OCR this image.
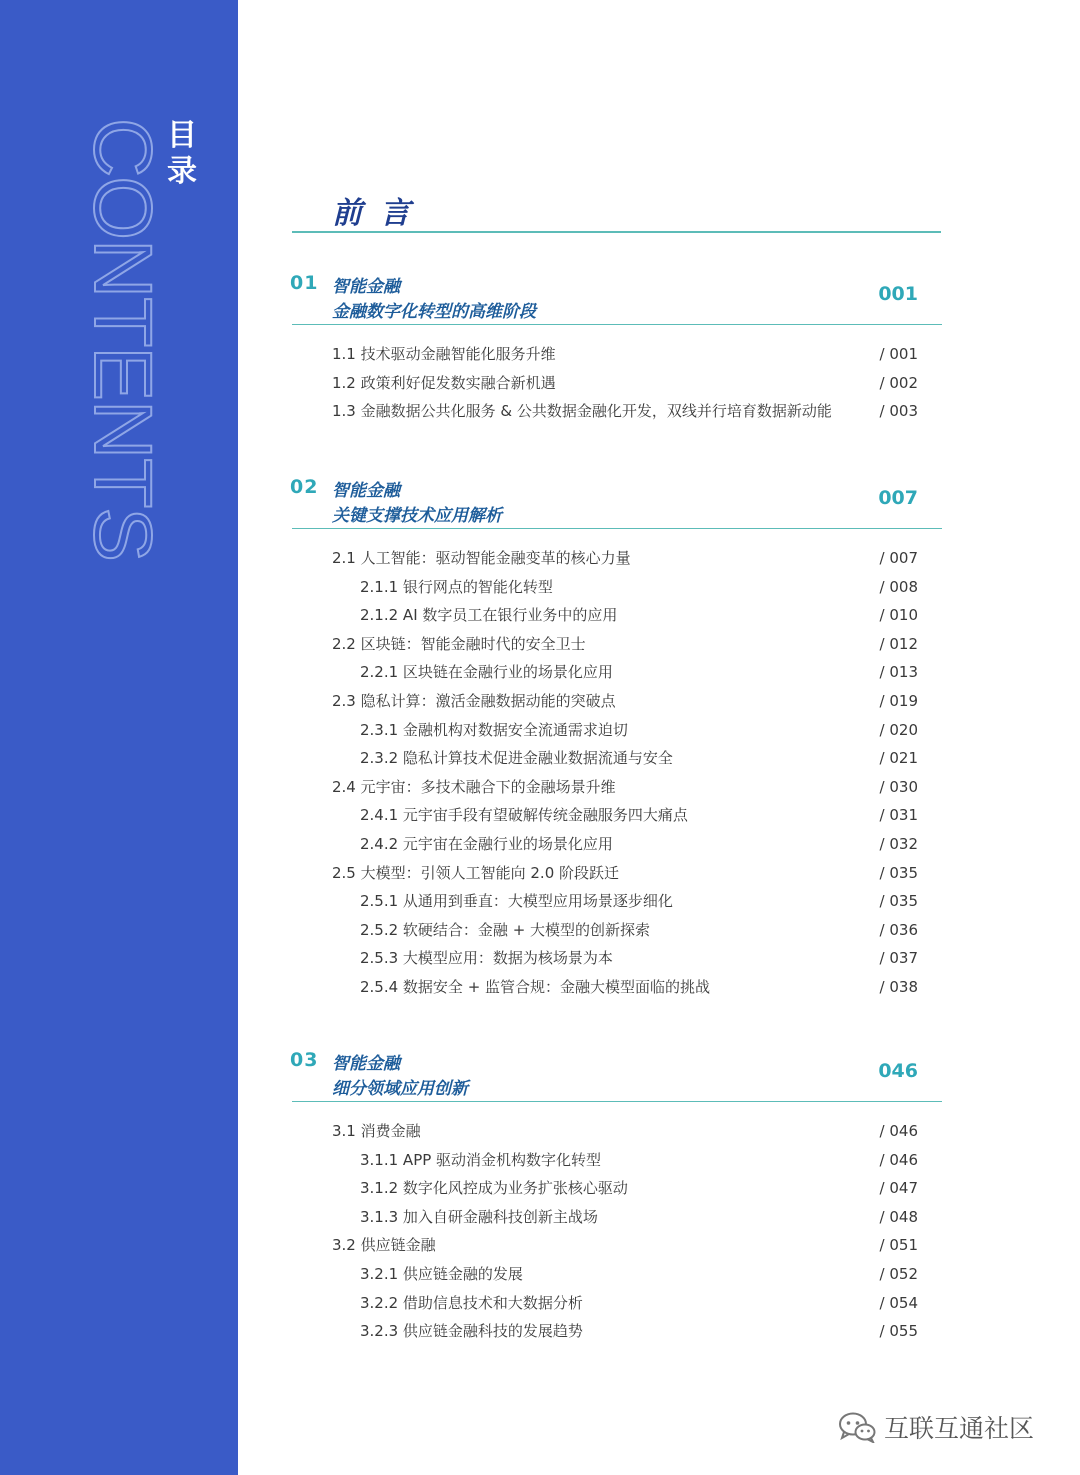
CONTENTS 目
录
前言
01 智能金融
金融数字化转型的高维阶段
001
1.1 技术驱动金融智能化服务升维	/ 001
1.2 政策利好促发数实融合新机遇	/ 002
1.3 金融数据公共化服务 & 公共数据金融化开发，双线并行培育数据新动能	/ 003
02 智能金融
关键支撑技术应用解析
007
2.1 人工智能：驱动智能金融变革的核心力量	/ 007
2.1.1 银行网点的智能化转型	/ 008
2.1.2 AI 数字员工在银行业务中的应用	/ 010
2.2 区块链：智能金融时代的安全卫士	/ 012
2.2.1 区块链在金融行业的场景化应用	/ 013
2.3 隐私计算：激活金融数据动能的突破点	/ 019
2.3.1 金融机构对数据安全流通需求迫切	/ 020
2.3.2 隐私计算技术促进金融业数据流通与安全	/ 021
2.4 元宇宙：多技术融合下的金融场景升维	/ 030
2.4.1 元宇宙手段有望破解传统金融服务四大痛点	/ 031
2.4.2 元宇宙在金融行业的场景化应用	/ 032
2.5 大模型：引领人工智能向 2.0 阶段跃迁	/ 035
2.5.1 从通用到垂直：大模型应用场景逐步细化	/ 035
2.5.2 软硬结合：金融 + 大模型的创新探索	/ 036
2.5.3 大模型应用：数据为核场景为本	/ 037
2.5.4 数据安全 + 监管合规：金融大模型面临的挑战	/ 038
03 智能金融
细分领域应用创新
046
3.1 消费金融	/ 046
3.1.1 APP 驱动消金机构数字化转型	/ 046
3.1.2 数字化风控成为业务扩张核心驱动	/ 047
3.1.3 加入自研金融科技创新主战场	/ 048
3.2 供应链金融	/ 051
3.2.1 供应链金融的发展	/ 052
3.2.2 借助信息技术和大数据分析	/ 054
3.2.3 供应链金融科技的发展趋势	/ 055
互联互通社区
